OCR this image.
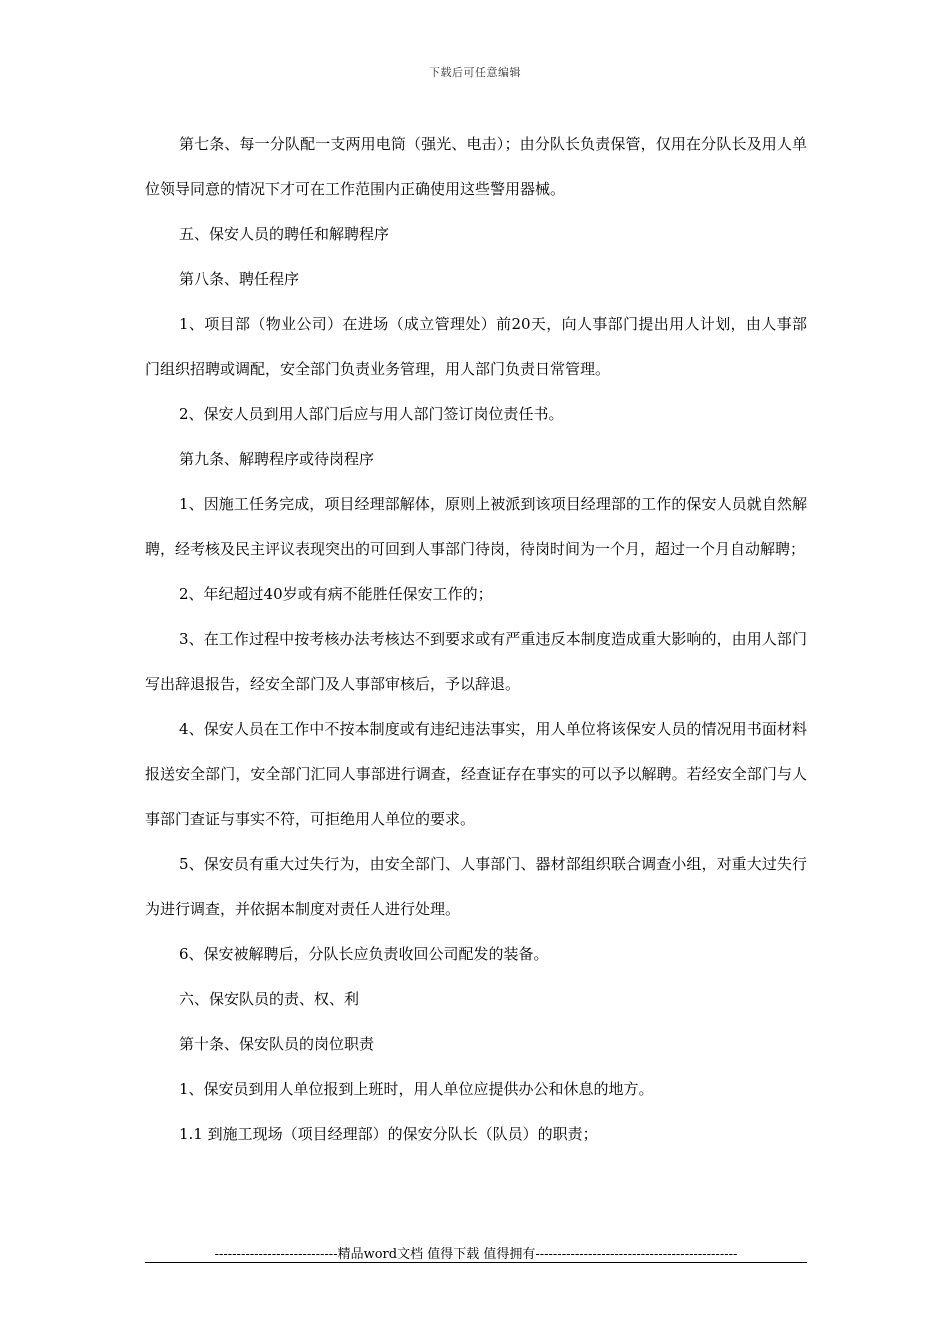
下载后可任意编辑

第七条、每一分队配一支两用电筒（强光、电击）；由分队长负责保管，仅用在分队长及用人单位领导同意的情况下才可在工作范围内正确使用这些警用器械。

五、保安人员的聘任和解聘程序

第八条、聘任程序

1、项目部（物业公司）在进场（成立管理处）前20天，向人事部门提出用人计划，由人事部门组织招聘或调配，安全部门负责业务管理，用人部门负责日常管理。

2、保安人员到用人部门后应与用人部门签订岗位责任书。

第九条、解聘程序或待岗程序

1、因施工任务完成，项目经理部解体，原则上被派到该项目经理部的工作的保安人员就自然解聘，经考核及民主评议表现突出的可回到人事部门待岗，待岗时间为一个月，超过一个月自动解聘；

2、年纪超过40岁或有病不能胜任保安工作的；

3、在工作过程中按考核办法考核达不到要求或有严重违反本制度造成重大影响的，由用人部门写出辞退报告，经安全部门及人事部审核后，予以辞退。

4、保安人员在工作中不按本制度或有违纪违法事实，用人单位将该保安人员的情况用书面材料报送安全部门，安全部门汇同人事部进行调查，经查证存在事实的可以予以解聘。若经安全部门与人事部门查证与事实不符，可拒绝用人单位的要求。

5、保安员有重大过失行为，由安全部门、人事部门、器材部组织联合调查小组，对重大过失行为进行调查，并依据本制度对责任人进行处理。

6、保安被解聘后，分队长应负责收回公司配发的装备。

六、保安队员的责、权、利

第十条、保安队员的岗位职责

1、保安员到用人单位报到上班时，用人单位应提供办公和休息的地方。

1.1 到施工现场（项目经理部）的保安分队长（队员）的职责；

----------------------------精品word文档 值得下载 值得拥有----------------------------------------------
